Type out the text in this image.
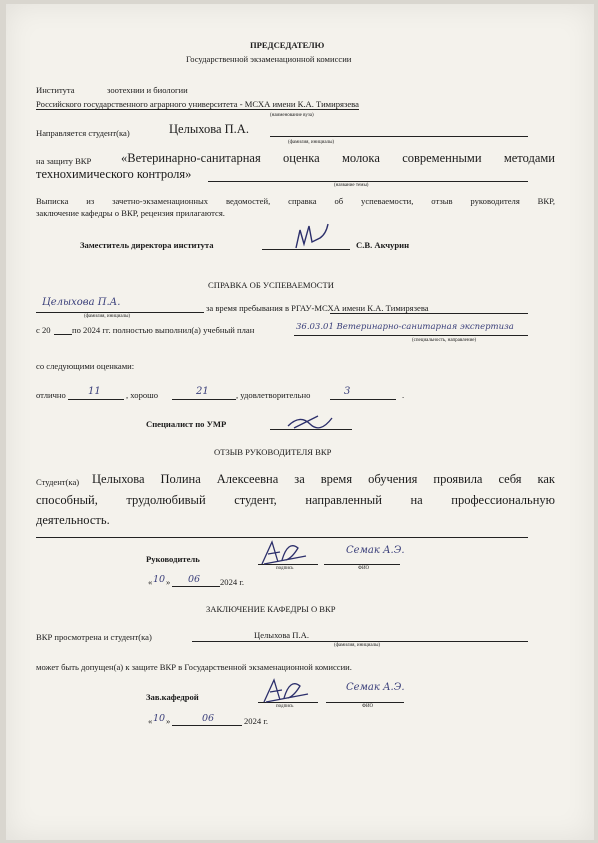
ПРЕДСЕДАТЕЛЮ
Государственной экзаменационной комиссии
Института	зоотехнии и биологии
Российского государственного аграрного университета - МСХА имени К.А. Тимирязева
(наименование вуза)
Направляется студент(ка)	Целыхова П.А.
(фамилия, инициалы)
на защиту ВКР «Ветеринарно-санитарная оценка молока современными методами
технохимического контроля»
(название темы)
Выписка из зачетно-экзаменационных ведомостей, справка об успеваемости, отзыв руководителя ВКР,
заключение кафедры о ВКР, рецензия прилагаются.
Заместитель директора института	С.В. Акчурин
СПРАВКА ОБ УСПЕВАЕМОСТИ
Целыхова П.А.
(фамилия, инициалы)
за время пребывания в РГАУ-МСХА имени К.А. Тимирязева
с 20 по 2024 гг. полностью выполнил(а) учебный план	36.03.01 Ветеринарно-санитарная экспертиза
(специальность, направление)
со следующими оценками:
отлично 11	, хорошо	21	, удовлетворительно	3	.
Специалист по УМР
ОТЗЫВ РУКОВОДИТЕЛЯ ВКР
Студент(ка) Целыхова Полина Алексеевна за время обучения проявила себя как
способный, трудолюбивый студент, направленный на профессиональную
деятельность.
Руководитель
подпись
Семак А.Э.
ФИО
« 10 » 06 2024 г.
ЗАКЛЮЧЕНИЕ КАФЕДРЫ О ВКР
ВКР просмотрена и студент(ка)	Целыхова П.А.
(фамилия, инициалы)
может быть допущен(а) к защите ВКР в Государственной экзаменационной комиссии.
Зав.кафедрой
подпись
Семак А.Э.
ФИО
« 10 »	06	2024 г.
